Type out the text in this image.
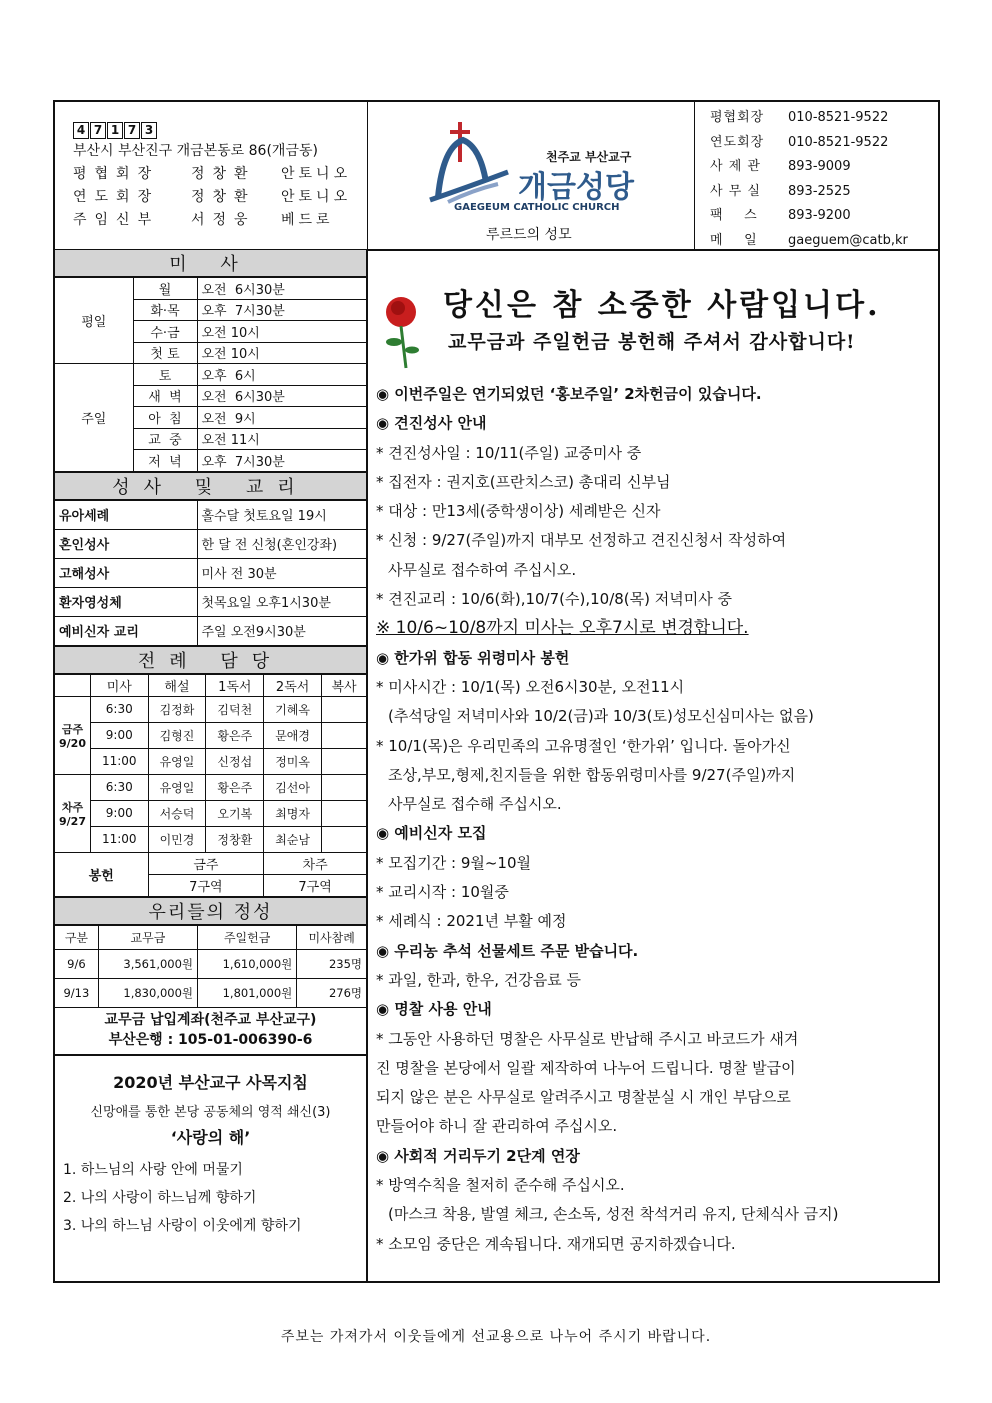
4 7 1 7 3
부산시 부산진구 개금본동로 86(개금동)
평협회장	정창환	안토니오
연도회장	정창환	안토니오
주임신부	서정웅	베드로
천주교 부산교구
개금성당
GAEGEUM CATHOLIC CHURCH
루르드의 성모
평협회장	010-8521-9522
연도회장	010-8521-9522
사 제 관	893-9009
사 무 실	893-2525
팩    스	893-9200
메    일	gaeguem@catb,kr
미 사
평일	월	오전  6시30분
	화·목	오후  7시30분
	수·금	오전 10시
	첫 토	오전 10시
주일	토	오후  6시
	새  벽	오전  6시30분
	아  침	오전  9시
	교  중	오전 11시
	저  녁	오후  7시30분
성사 및 교리
유아세례	홀수달 첫토요일 19시
혼인성사	한 달 전 신청(혼인강좌)
고해성사	미사 전 30분
환자영성체	첫목요일 오후1시30분
예비신자 교리	주일 오전9시30분
전례 담당
	미사	해설	1독서	2독서	복사
금주 9/20	6:30	김정화	김덕천	기혜옥	
	9:00	김형진	황은주	문애경	
	11:00	유영일	신정섭	정미옥	
차주 9/27	6:30	유영일	황은주	김선아	
	9:00	서승덕	오기복	최명자	
	11:00	이민경	정창환	최순남	
봉헌		금주		차주	
		7구역		7구역	
우리들의 정성
구분	교무금	주일헌금	미사참례
9/6	3,561,000원	1,610,000원	235명
9/13	1,830,000원	1,801,000원	276명
교무금 납입계좌(천주교 부산교구)
부산은행 : 105-01-006390-6
2020년 부산교구 사목지침
신망애를 통한 본당 공동체의 영적 쇄신(3)
‘사랑의 해’
1. 하느님의 사랑 안에 머물기
2. 나의 사랑이 하느님께 향하기
3. 나의 하느님 사랑이 이웃에게 향하기
당신은 참 소중한 사람입니다.
교무금과 주일헌금 봉헌해 주셔서 감사합니다!
◉ 이번주일은 연기되었던 ‘홍보주일’ 2차헌금이 있습니다.
◉ 견진성사 안내
* 견진성사일 : 10/11(주일) 교중미사 중
* 집전자 : 권지호(프란치스코) 총대리 신부님
* 대상 : 만13세(중학생이상) 세례받은 신자
* 신청 : 9/27(주일)까지 대부모 선정하고 견진신청서 작성하여
사무실로 접수하여 주십시오.
* 견진교리 : 10/6(화),10/7(수),10/8(목) 저녁미사 중
※ 10/6~10/8까지 미사는 오후7시로 변경합니다.
◉ 한가위 합동 위령미사 봉헌
* 미사시간 : 10/1(목) 오전6시30분, 오전11시
(추석당일 저녁미사와 10/2(금)과 10/3(토)성모신심미사는 없음)
* 10/1(목)은 우리민족의 고유명절인 ‘한가위’ 입니다. 돌아가신
조상,부모,형제,친지들을 위한 합동위령미사를 9/27(주일)까지
사무실로 접수해 주십시오.
◉ 예비신자 모집
* 모집기간 : 9월~10월
* 교리시작 : 10월중
* 세례식 : 2021년 부활 예정
◉ 우리농 추석 선물세트 주문 받습니다.
* 과일, 한과, 한우, 건강음료 등
◉ 명찰 사용 안내
* 그동안 사용하던 명찰은 사무실로 반납해 주시고 바코드가 새겨
진 명찰을 본당에서 일괄 제작하여 나누어 드립니다. 명찰 발급이
되지 않은 분은 사무실로 알려주시고 명찰분실 시 개인 부담으로
만들어야 하니 잘 관리하여 주십시오.
◉ 사회적 거리두기 2단계 연장
* 방역수칙을 철저히 준수해 주십시오.
(마스크 착용, 발열 체크, 손소독, 성전 착석거리 유지, 단체식사 금지)
* 소모임 중단은 계속됩니다. 재개되면 공지하겠습니다.
주보는 가져가서 이웃들에게 선교용으로 나누어 주시기 바랍니다.
